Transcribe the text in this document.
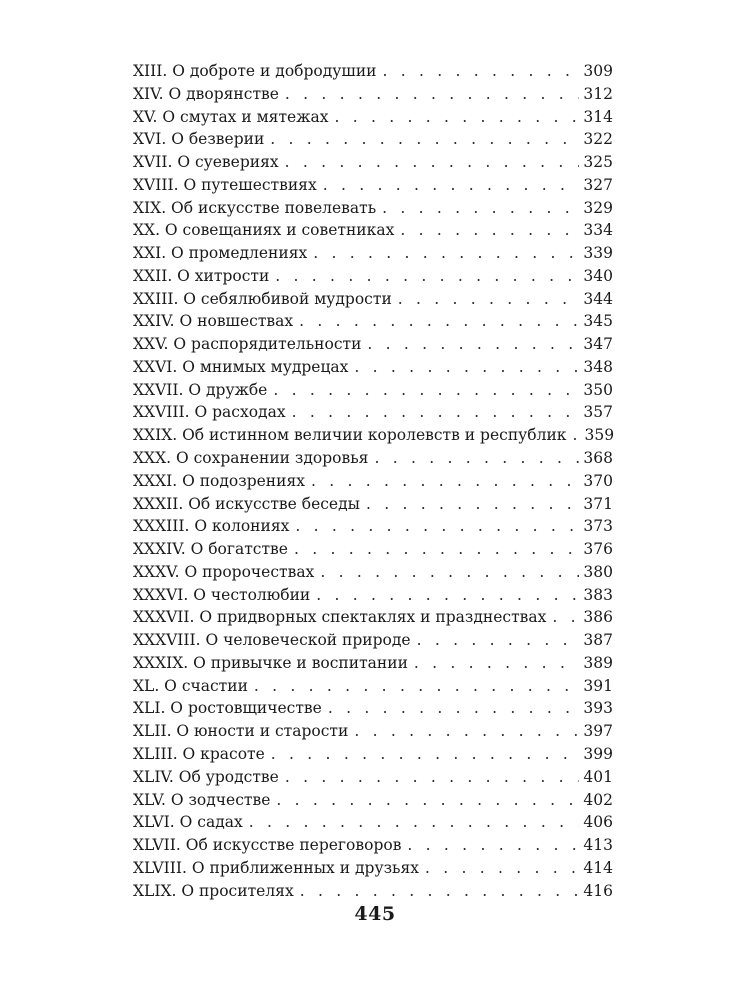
XIII. О доброте и добродушии . . .	309
XIV. О дворянстве . . .	312
XV. О смутах и мятежах . . .	314
XVI. О безверии . . .	322
XVII. О суевериях . . .	325
XVIII. О путешествиях . . .	327
XIX. Об искусстве повелевать . . .	329
XX. О совещаниях и советниках . . .	334
XXI. О промедлениях . . .	339
XXII. О хитрости . . .	340
XXIII. О себялюбивой мудрости . . .	344
XXIV. О новшествах . . .	345
XXV. О распорядительности . . .	347
XXVI. О мнимых мудрецах . . .	348
XXVII. О дружбе . . .	350
XXVIII. О расходах . . .	357
XXIX. Об истинном величии королевств и республик . . .	359
XXX. О сохранении здоровья . . .	368
XXXI. О подозрениях . . .	370
XXXII. Об искусстве беседы . . .	371
XXXIII. О колониях . . .	373
XXXIV. О богатстве . . .	376
XXXV. О пророчествах . . .	380
XXXVI. О честолюбии . . .	383
XXXVII. О придворных спектаклях и празднествах . . .	386
XXXVIII. О человеческой природе . . .	387
XXXIX. О привычке и воспитании . . .	389
XL. О счастии . . .	391
XLI. О ростовщичестве . . .	393
XLII. О юности и старости . . .	397
XLIII. О красоте . . .	399
XLIV. Об уродстве . . .	401
XLV. О зодчестве . . .	402
XLVI. О садах . . .	406
XLVII. Об искусстве переговоров . . .	413
XLVIII. О приближенных и друзьях . . .	414
XLIX. О просителях . . .	416
445
